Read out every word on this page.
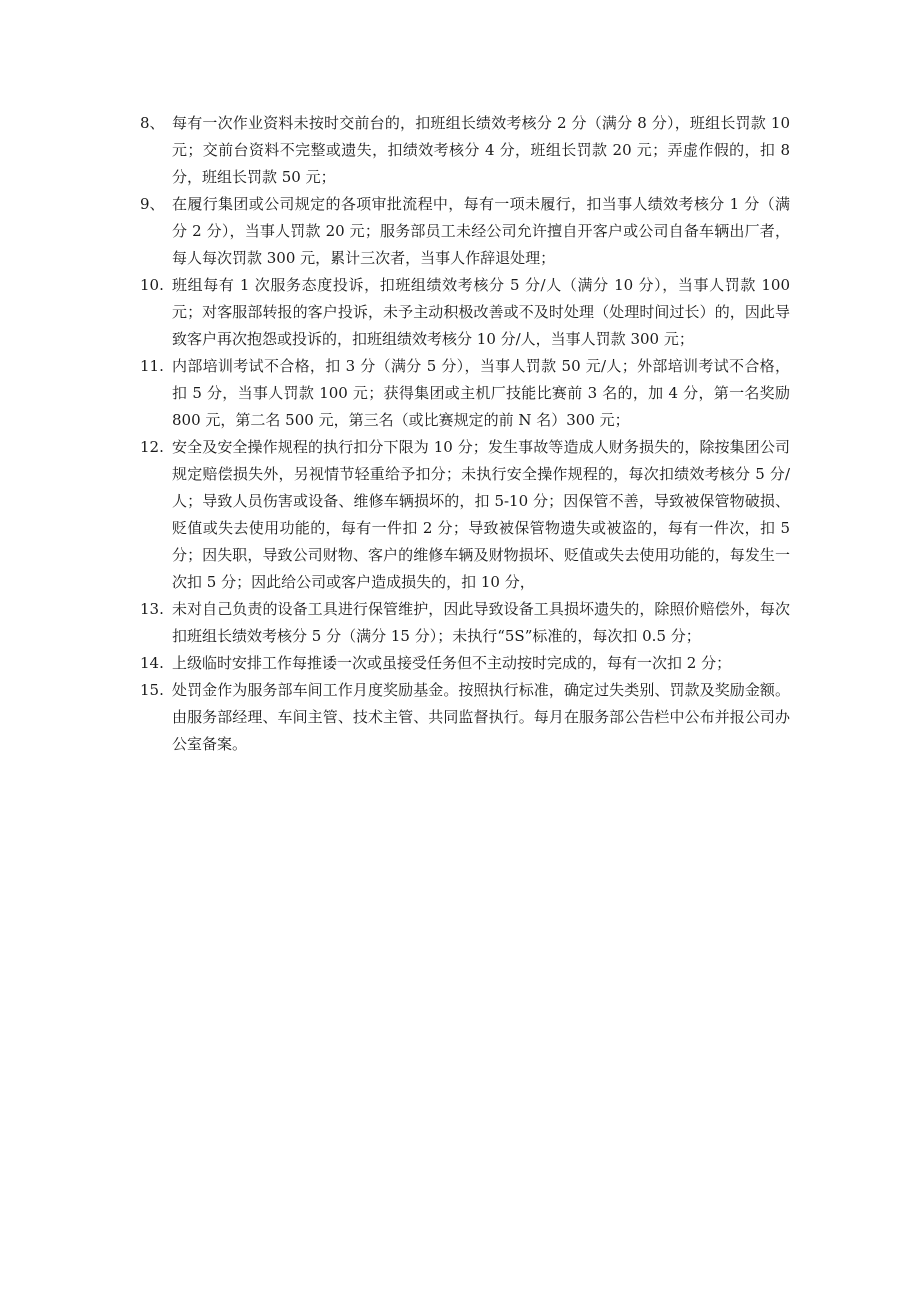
8、 每有一次作业资料未按时交前台的，扣班组长绩效考核分 2 分（满分 8 分），班组长罚款 10 元；交前台资料不完整或遗失，扣绩效考核分 4 分，班组长罚款 20 元；弄虚作假的，扣 8 分，班组长罚款 50 元；
9、 在履行集团或公司规定的各项审批流程中，每有一项未履行，扣当事人绩效考核分 1 分（满分 2 分），当事人罚款 20 元；服务部员工未经公司允许擅自开客户或公司自备车辆出厂者，每人每次罚款 300 元，累计三次者，当事人作辞退处理；
10. 班组每有 1 次服务态度投诉，扣班组绩效考核分 5 分/人（满分 10 分），当事人罚款 100 元；对客服部转报的客户投诉，未予主动积极改善或不及时处理（处理时间过长）的，因此导致客户再次抱怨或投诉的，扣班组绩效考核分 10 分/人，当事人罚款 300 元；
11. 内部培训考试不合格，扣 3 分（满分 5 分），当事人罚款 50 元/人；外部培训考试不合格，扣 5 分，当事人罚款 100 元；获得集团或主机厂技能比赛前 3 名的，加 4 分，第一名奖励 800 元，第二名 500 元，第三名（或比赛规定的前 N 名）300 元；
12. 安全及安全操作规程的执行扣分下限为 10 分；发生事故等造成人财务损失的，除按集团公司规定赔偿损失外，另视情节轻重给予扣分；未执行安全操作规程的，每次扣绩效考核分 5 分/人；导致人员伤害或设备、维修车辆损坏的，扣 5-10 分；因保管不善，导致被保管物破损、贬值或失去使用功能的，每有一件扣 2 分；导致被保管物遗失或被盗的，每有一件次，扣 5 分；因失职，导致公司财物、客户的维修车辆及财物损坏、贬值或失去使用功能的，每发生一次扣 5 分；因此给公司或客户造成损失的，扣 10 分，
13. 未对自己负责的设备工具进行保管维护，因此导致设备工具损坏遗失的，除照价赔偿外，每次扣班组长绩效考核分 5 分（满分 15 分）；未执行“5S”标准的，每次扣 0.5 分；
14. 上级临时安排工作每推诿一次或虽接受任务但不主动按时完成的，每有一次扣 2 分；
15. 处罚金作为服务部车间工作月度奖励基金。按照执行标准，确定过失类别、罚款及奖励金额。由服务部经理、车间主管、技术主管、共同监督执行。每月在服务部公告栏中公布并报公司办公室备案。
